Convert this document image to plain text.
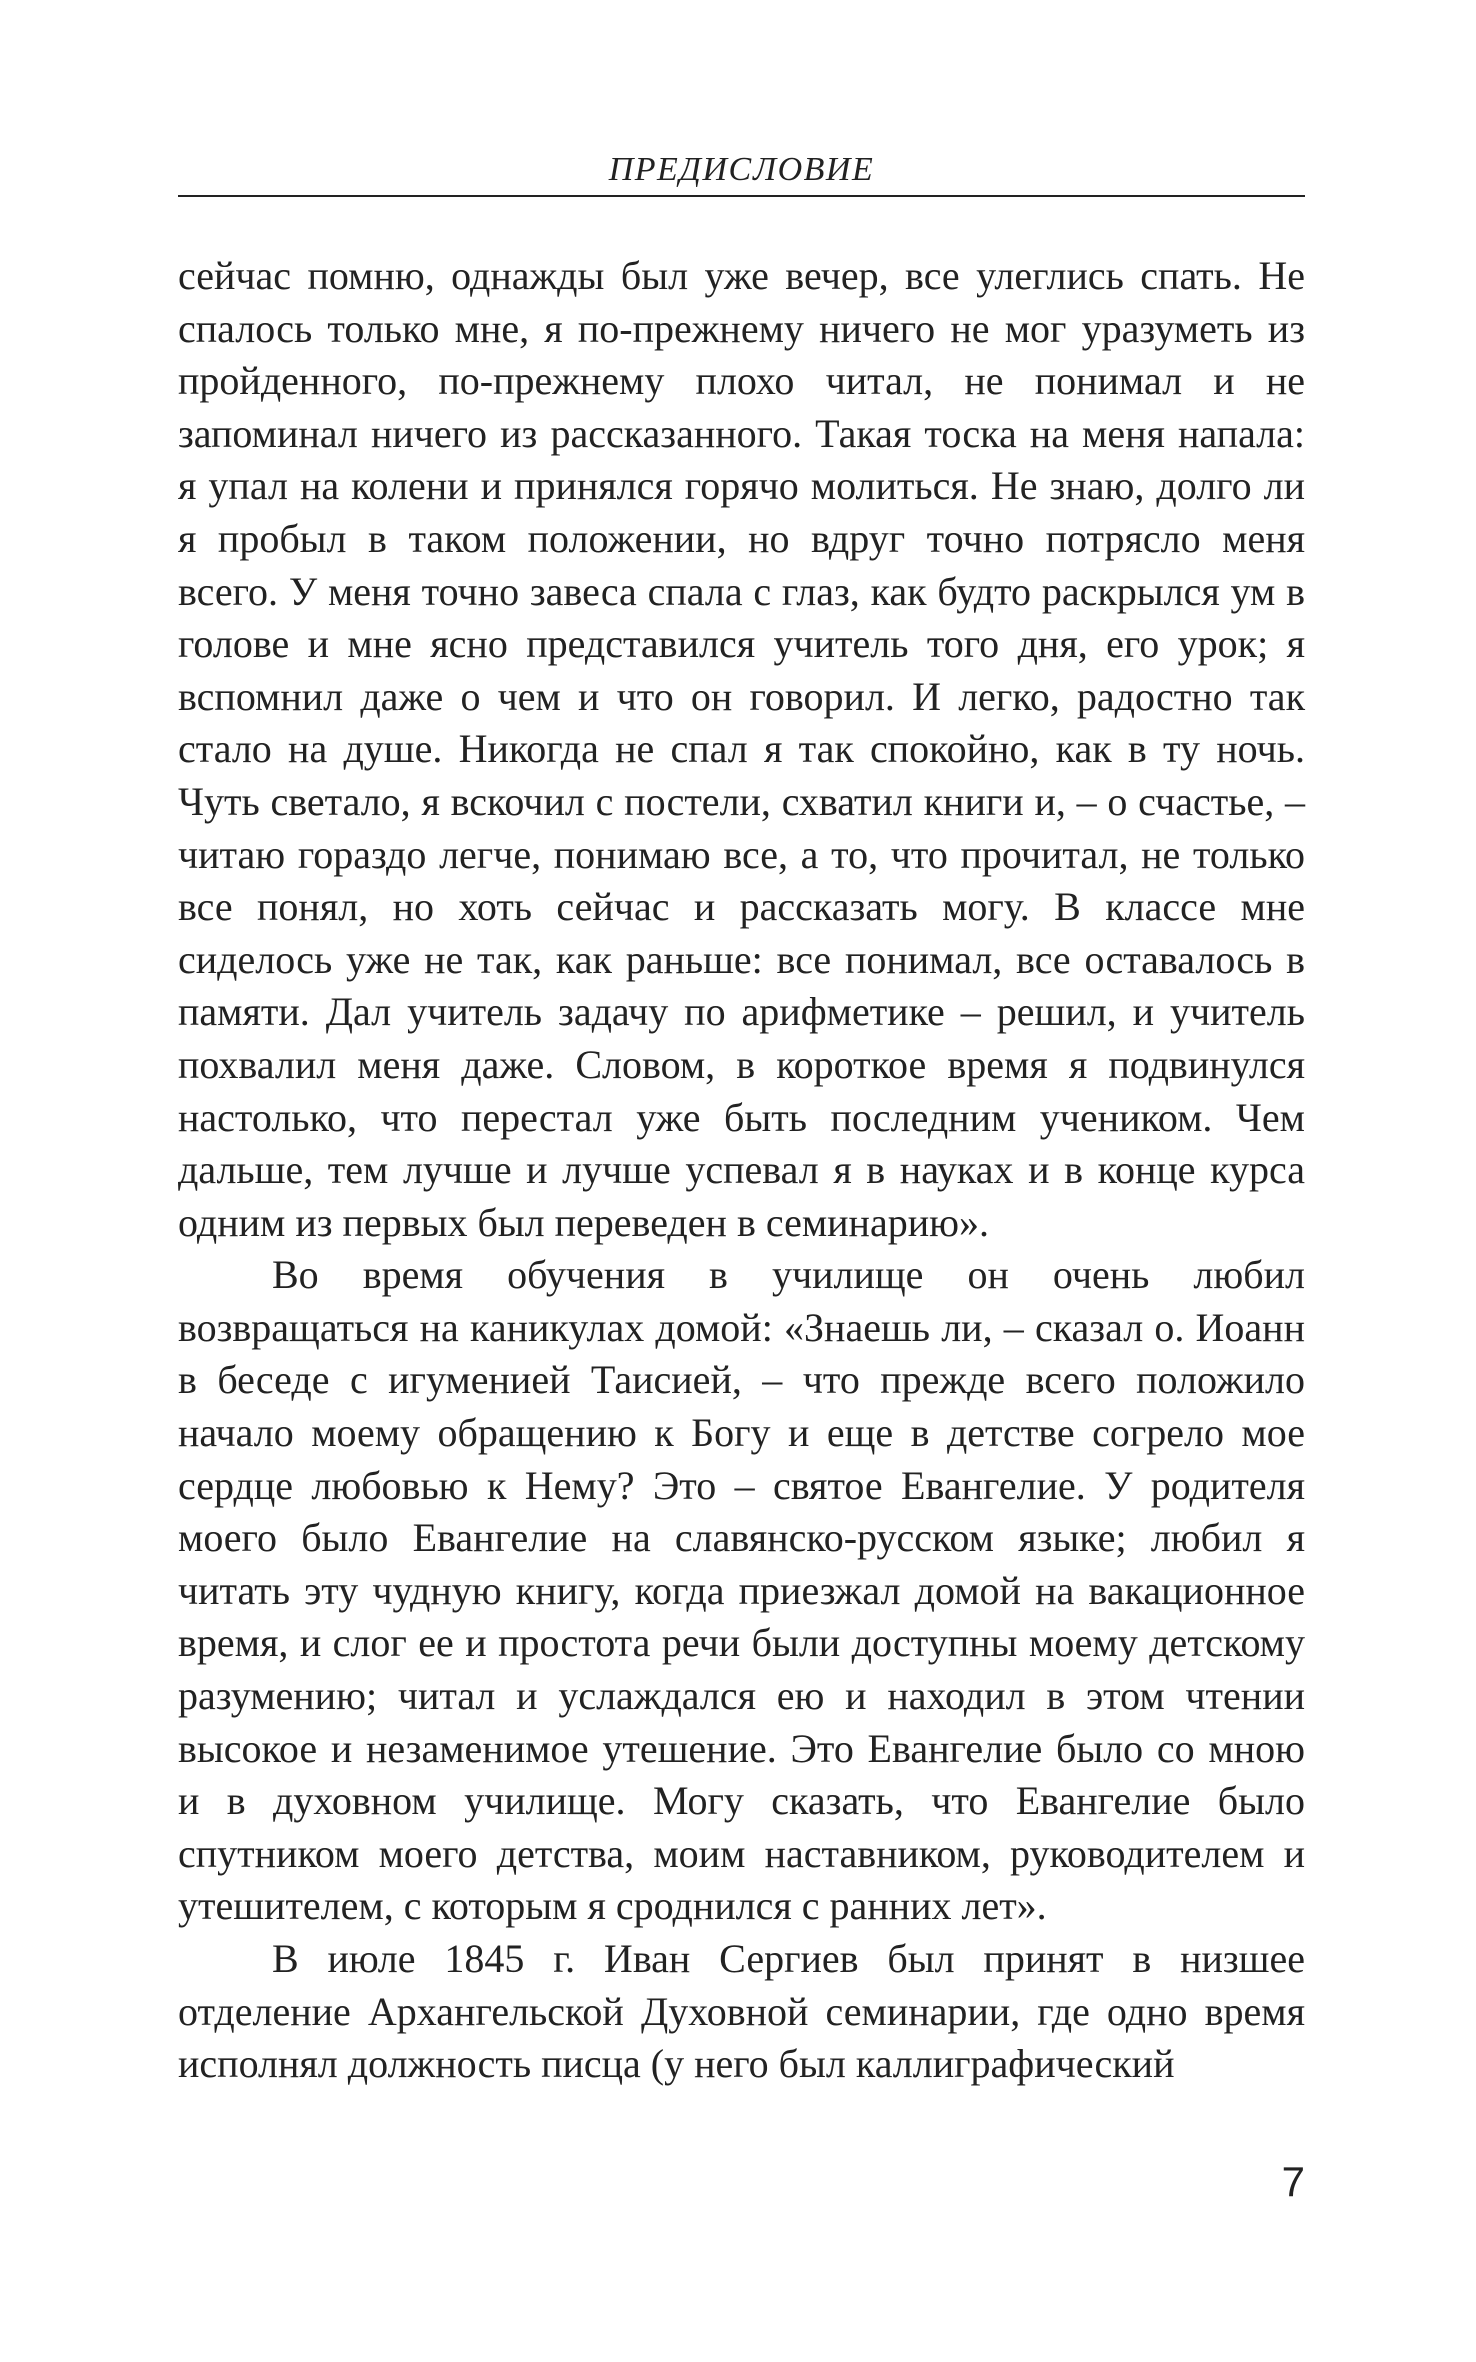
ПРЕДИСЛОВИЕ

сейчас помню, однажды был уже вечер, все улеглись спать. Не спалось только мне, я по-прежнему ничего не мог уразуметь из пройденного, по-прежнему плохо читал, не понимал и не запоминал ничего из рассказанного. Такая тоска на меня напала: я упал на колени и принялся горячо молиться. Не знаю, долго ли я пробыл в таком положении, но вдруг точно потрясло меня всего. У меня точно завеса спала с глаз, как будто раскрылся ум в голове и мне ясно представился учитель того дня, его урок; я вспомнил даже о чем и что он говорил. И легко, радостно так стало на душе. Никогда не спал я так спокойно, как в ту ночь. Чуть светало, я вскочил с постели, схватил книги и, – о счастье, – читаю гораздо легче, понимаю все, а то, что прочитал, не только все понял, но хоть сейчас и рассказать могу. В классе мне сиделось уже не так, как раньше: все понимал, все оставалось в памяти. Дал учитель задачу по арифметике – решил, и учитель похвалил меня даже. Словом, в короткое время я подвинулся настолько, что перестал уже быть последним учеником. Чем дальше, тем лучше и лучше успевал я в науках и в конце курса одним из первых был переведен в семинарию».

Во время обучения в училище он очень любил возвращаться на каникулах домой: «Знаешь ли, – сказал о. Иоанн в беседе с игуменией Таисией, – что прежде всего положило начало моему обращению к Богу и еще в детстве согрело мое сердце любовью к Нему? Это – святое Евангелие. У родителя моего было Евангелие на славянско-русском языке; любил я читать эту чудную книгу, когда приезжал домой на вакационное время, и слог ее и простота речи были доступны моему детскому разумению; читал и услаждался ею и находил в этом чтении высокое и незаменимое утешение. Это Евангелие было со мною и в духовном училище. Могу сказать, что Евангелие было спутником моего детства, моим наставником, руководителем и утешителем, с которым я сроднился с ранних лет».

В июле 1845 г. Иван Сергиев был принят в низшее отделение Архангельской Духовной семинарии, где одно время исполнял должность писца (у него был каллиграфический

7
